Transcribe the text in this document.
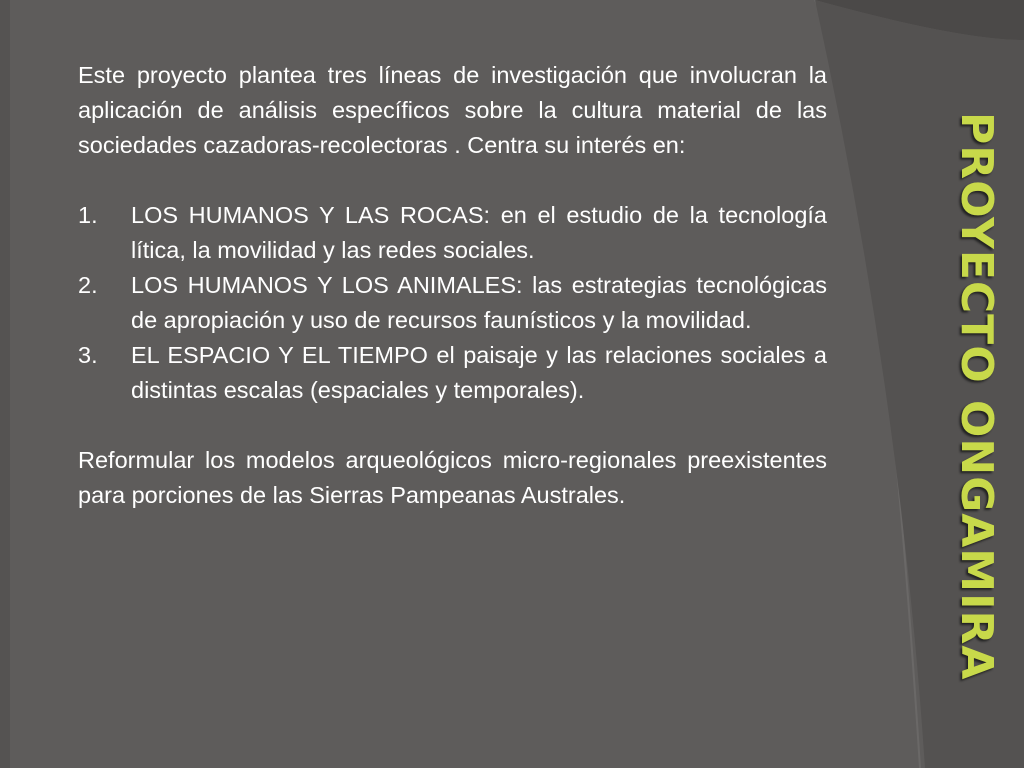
Este proyecto plantea tres líneas de investigación que involucran la aplicación de análisis específicos sobre la cultura material de las sociedades cazadoras-recolectoras . Centra su interés en:

1. LOS HUMANOS Y LAS ROCAS: en el estudio de la tecnología lítica, la movilidad y las redes sociales.
2. LOS HUMANOS Y LOS ANIMALES: las estrategias tecnológicas de apropiación y uso de recursos faunísticos y la movilidad.
3. EL ESPACIO Y EL TIEMPO el paisaje y las relaciones sociales a distintas escalas (espaciales y temporales).

Reformular los modelos arqueológicos micro-regionales preexistentes para porciones de las Sierras Pampeanas Australes.	PROYECTO ONGAMIRA
